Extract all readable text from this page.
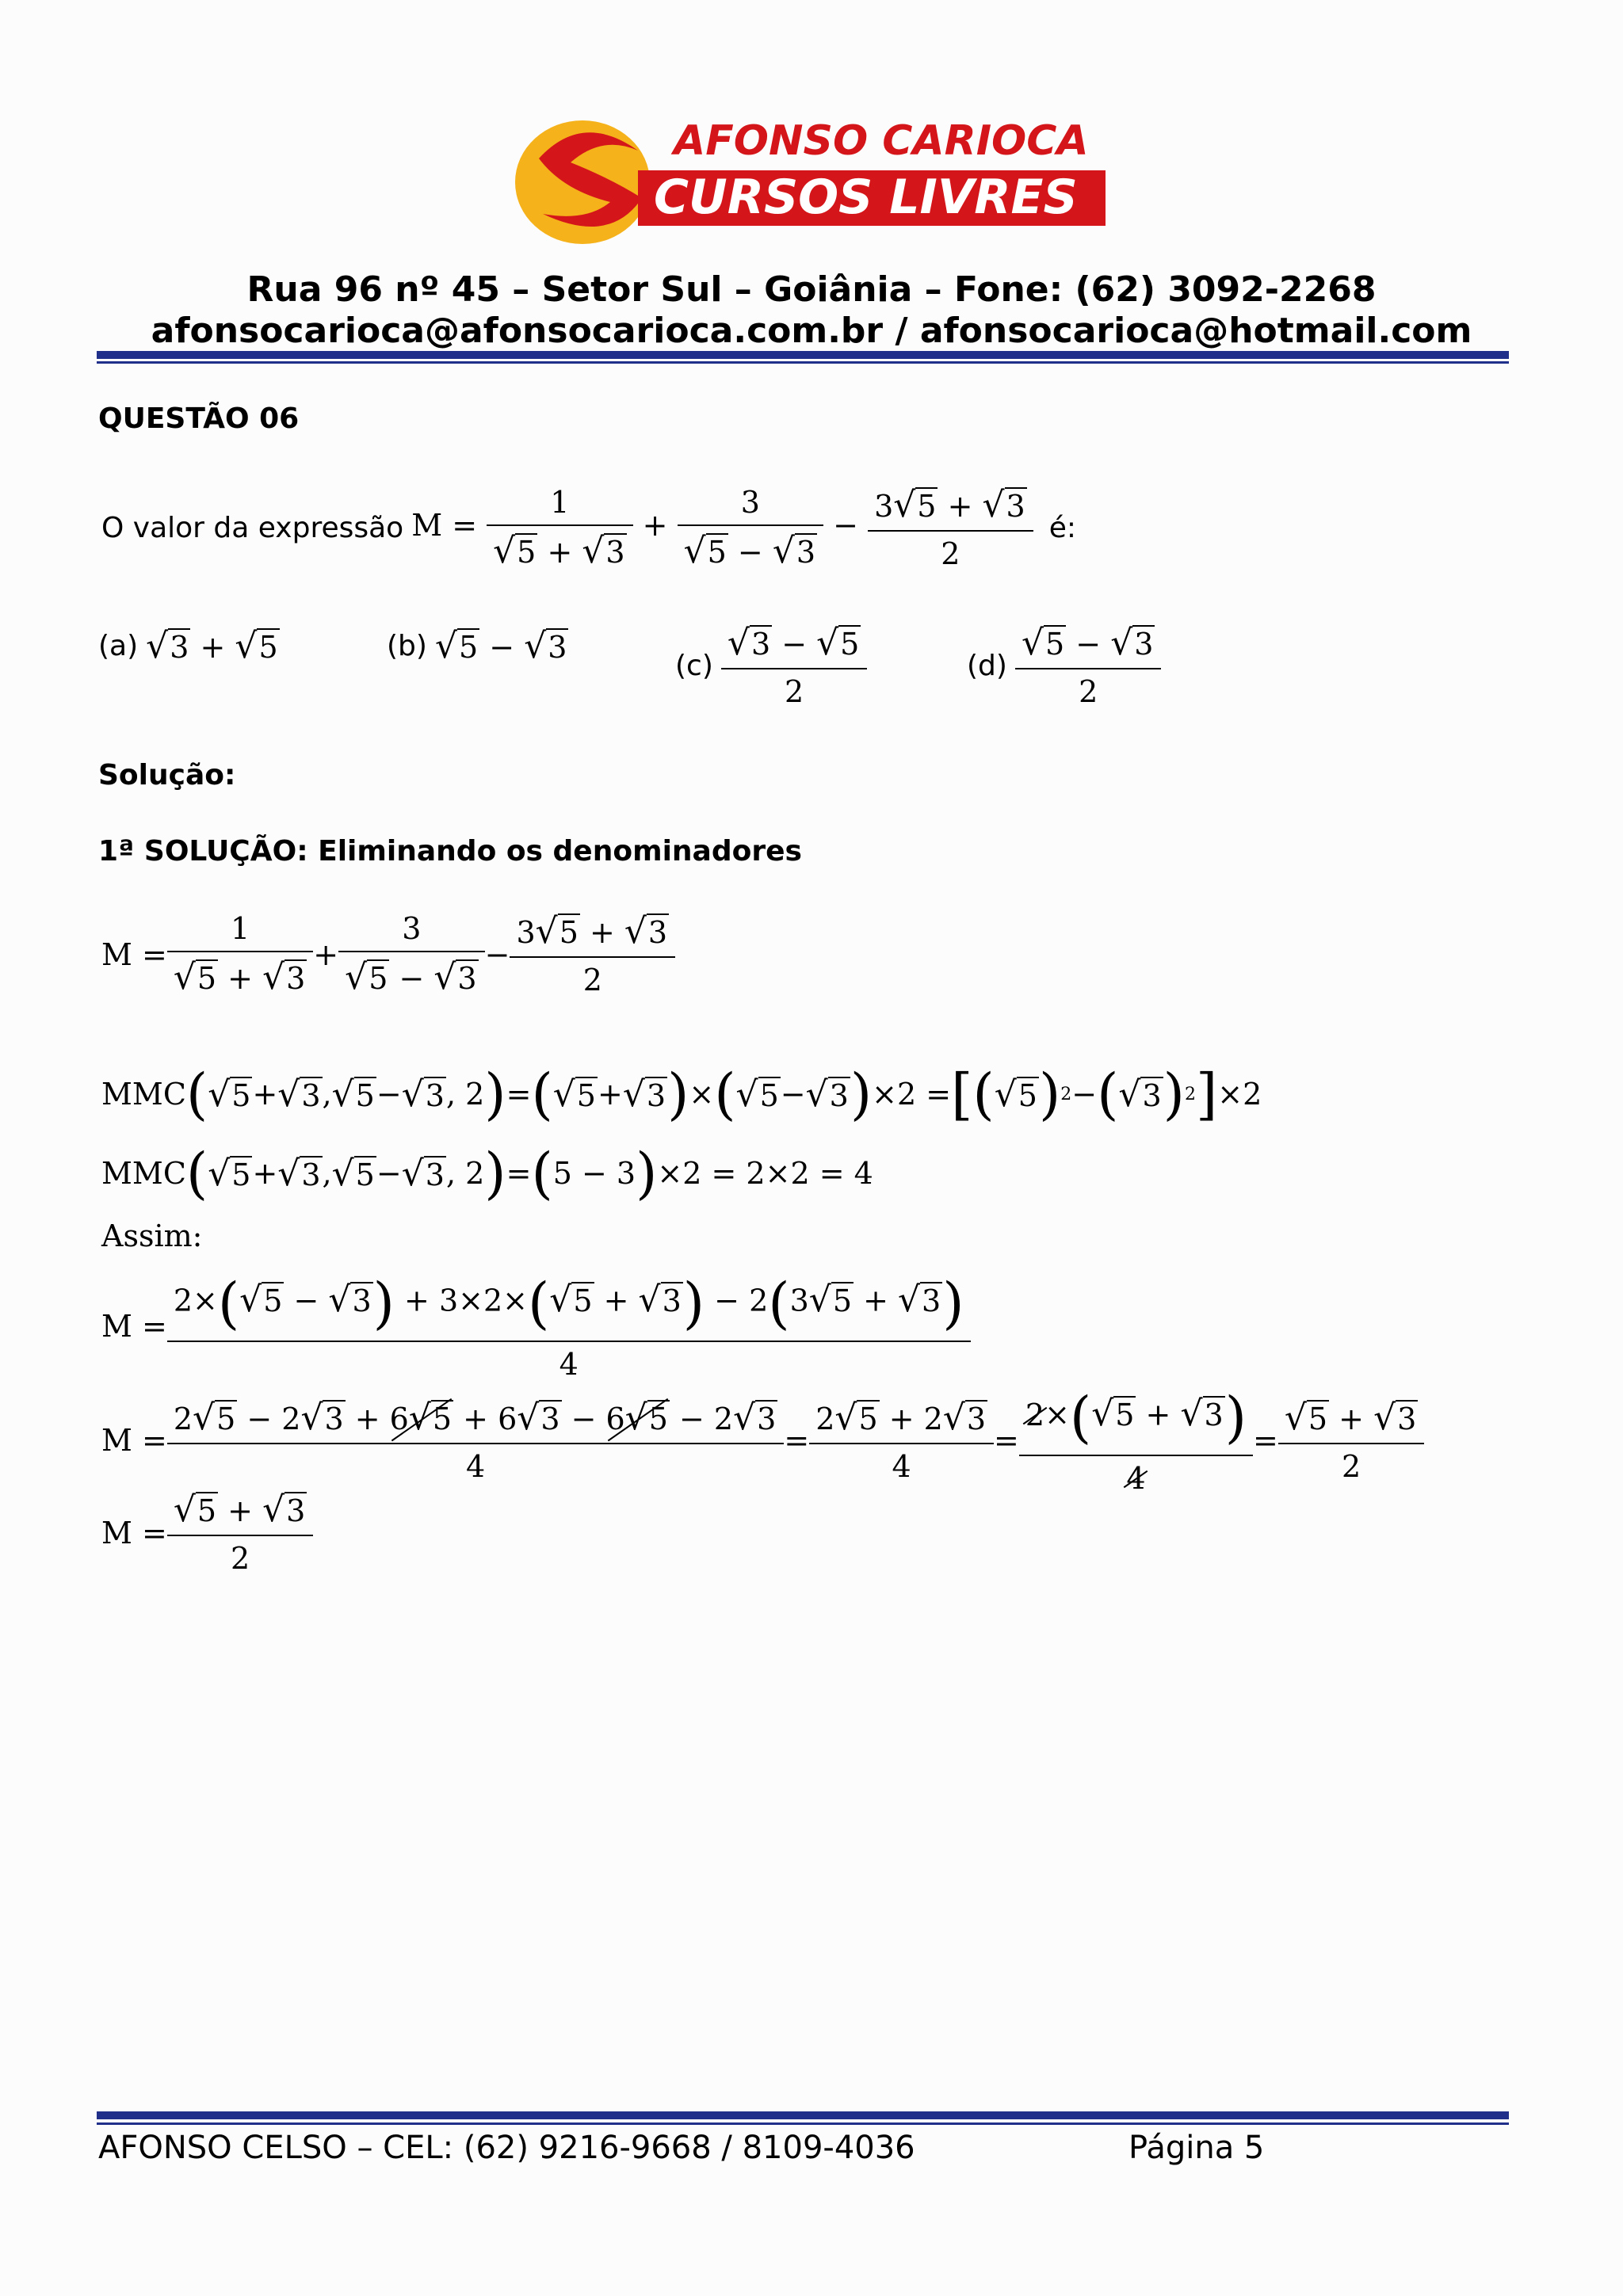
AFONSO CARIOCA
CURSOS LIVRES
Rua 96 nº 45 – Setor Sul – Goiânia – Fone: (62) 3092-2268
afonsocarioca@afonsocarioca.com.br / afonsocarioca@hotmail.com
QUESTÃO 06
O valor da expressão $M = \frac{1}{√5 + √3} + \frac{3}{√5 - √3} - \frac{3√5 + √3}{2}$ é:
(a) √3 + √5	(b) √5 − √3
$(c) \frac{√3 - √5}{2}$	$(d) \frac{√5 - √3}{2}$
Solução:
1ª SOLUÇÃO: Eliminando os denominadores
$M = \frac{1}{√5 + √3} + \frac{3}{√5 - √3} - \frac{3√5 + √3}{2}$
MMC ( √5 + √3 , √5 − √3 , 2 ) = ( √5 + √3 ) × ( √5 − √3 ) ×2 = [ ( √5 ) 2 − ( √3 ) 2 ] ×2
MMC ( √5 + √3 , √5 − √3 , 2 ) = ( 5 − 3 ) ×2 = 2×2 = 4
Assim:
$M = \frac{2\times(√5 - √3) + 3\times 2\times(√5 + √3) - 2(3√5 + √3)}{4}$
$M = \frac{2√5 - 2√3 + 6√5 + 6√3 - 6√5 - 2√3}{4} = \frac{2√5 + 2√3}{4} = \frac{2\times(√5 + √3)}{4} = \frac{√5 + √3}{2}$
$M = \frac{√5 + √3}{2}$
AFONSO CELSO – CEL: (62) 9216-9668 / 8109-4036	Página 5
